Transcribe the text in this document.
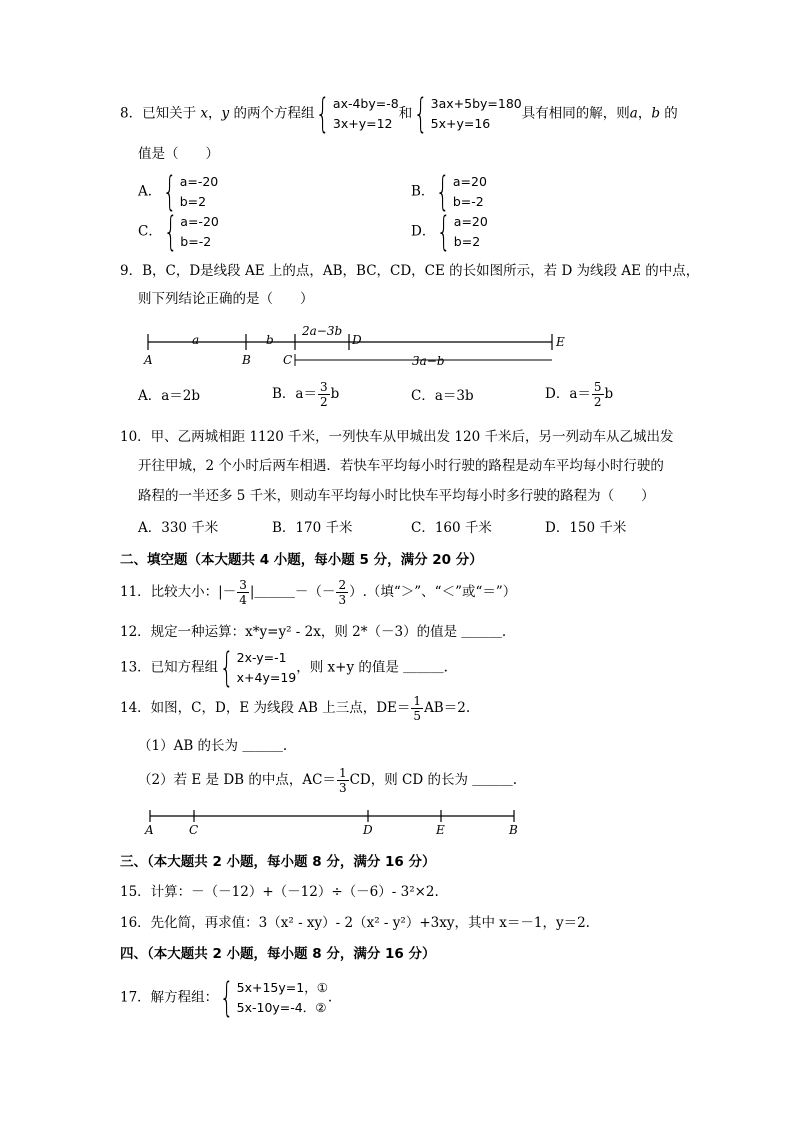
8．已知关于 x，y 的两个方程组 { ax-4by=-8
3x+y=12
和 { 3ax+5by=180
5x+y=16
具有相同的解，则a，b 的
值是（　　）
A． { a=-20
b=2
B． { a=20
b=-2
C． { a=-20
b=-2
D． { a=20
b=2
9．B，C，D是线段 AE 上的点，AB，BC，CD，CE 的长如图所示，若 D 为线段 AE 的中点，
则下列结论正确的是（　　）
A	B	C
D	E
a	b
2a−3b
3a−b
A．a＝2b	B．$a= \frac{3}{2}$ b	C．a＝3b	D．$a= \frac{5}{2}$ b
10．甲、乙两城相距 1120 千米，一列快车从甲城出发 120 千米后，另一列动车从乙城出发
开往甲城，2 个小时后两车相遇．若快车平均每小时行驶的路程是动车平均每小时行驶的
路程的一半还多 5 千米，则动车平均每小时比快车平均每小时多行驶的路程为（　　）
A．330 千米	B．170 千米	C．160 千米	D．150 千米
二、填空题（本大题共 4 小题，每小题 5 分，满分 20 分）
11．比较大小：|－ $\frac{3}{4}$ |＿＿＿－（－ $\frac{2}{3}$ ）.（填“＞”、“＜”或“＝”）
12．规定一种运算：x*y=y² - 2x，则 2*（－3）的值是 ＿＿＿.
13．已知方程组 { 2x-y=-1
x+4y=19
，则 x+y 的值是 ＿＿＿.
14．如图，C，D，E 为线段 AB 上三点，$DE= \frac{1}{5} AB=2$.
（1）AB 的长为 ＿＿＿.
（2）若 E 是 DB 的中点，$AC= \frac{1}{3}$ CD，则 CD 的长为 ＿＿＿.
A	C	D	E	B
三、（本大题共 2 小题，每小题 8 分，满分 16 分）
15．计算：－（－12）+（－12）÷（－6）- 3²×2.
16．先化简，再求值：3（x² - xy）- 2（x² - y²）+3xy，其中 x＝－1，y＝2.
四、（本大题共 2 小题，每小题 8 分，满分 16 分）
17．解方程组： { 5x+15y=1，①
5x-10y=-4．②
.
